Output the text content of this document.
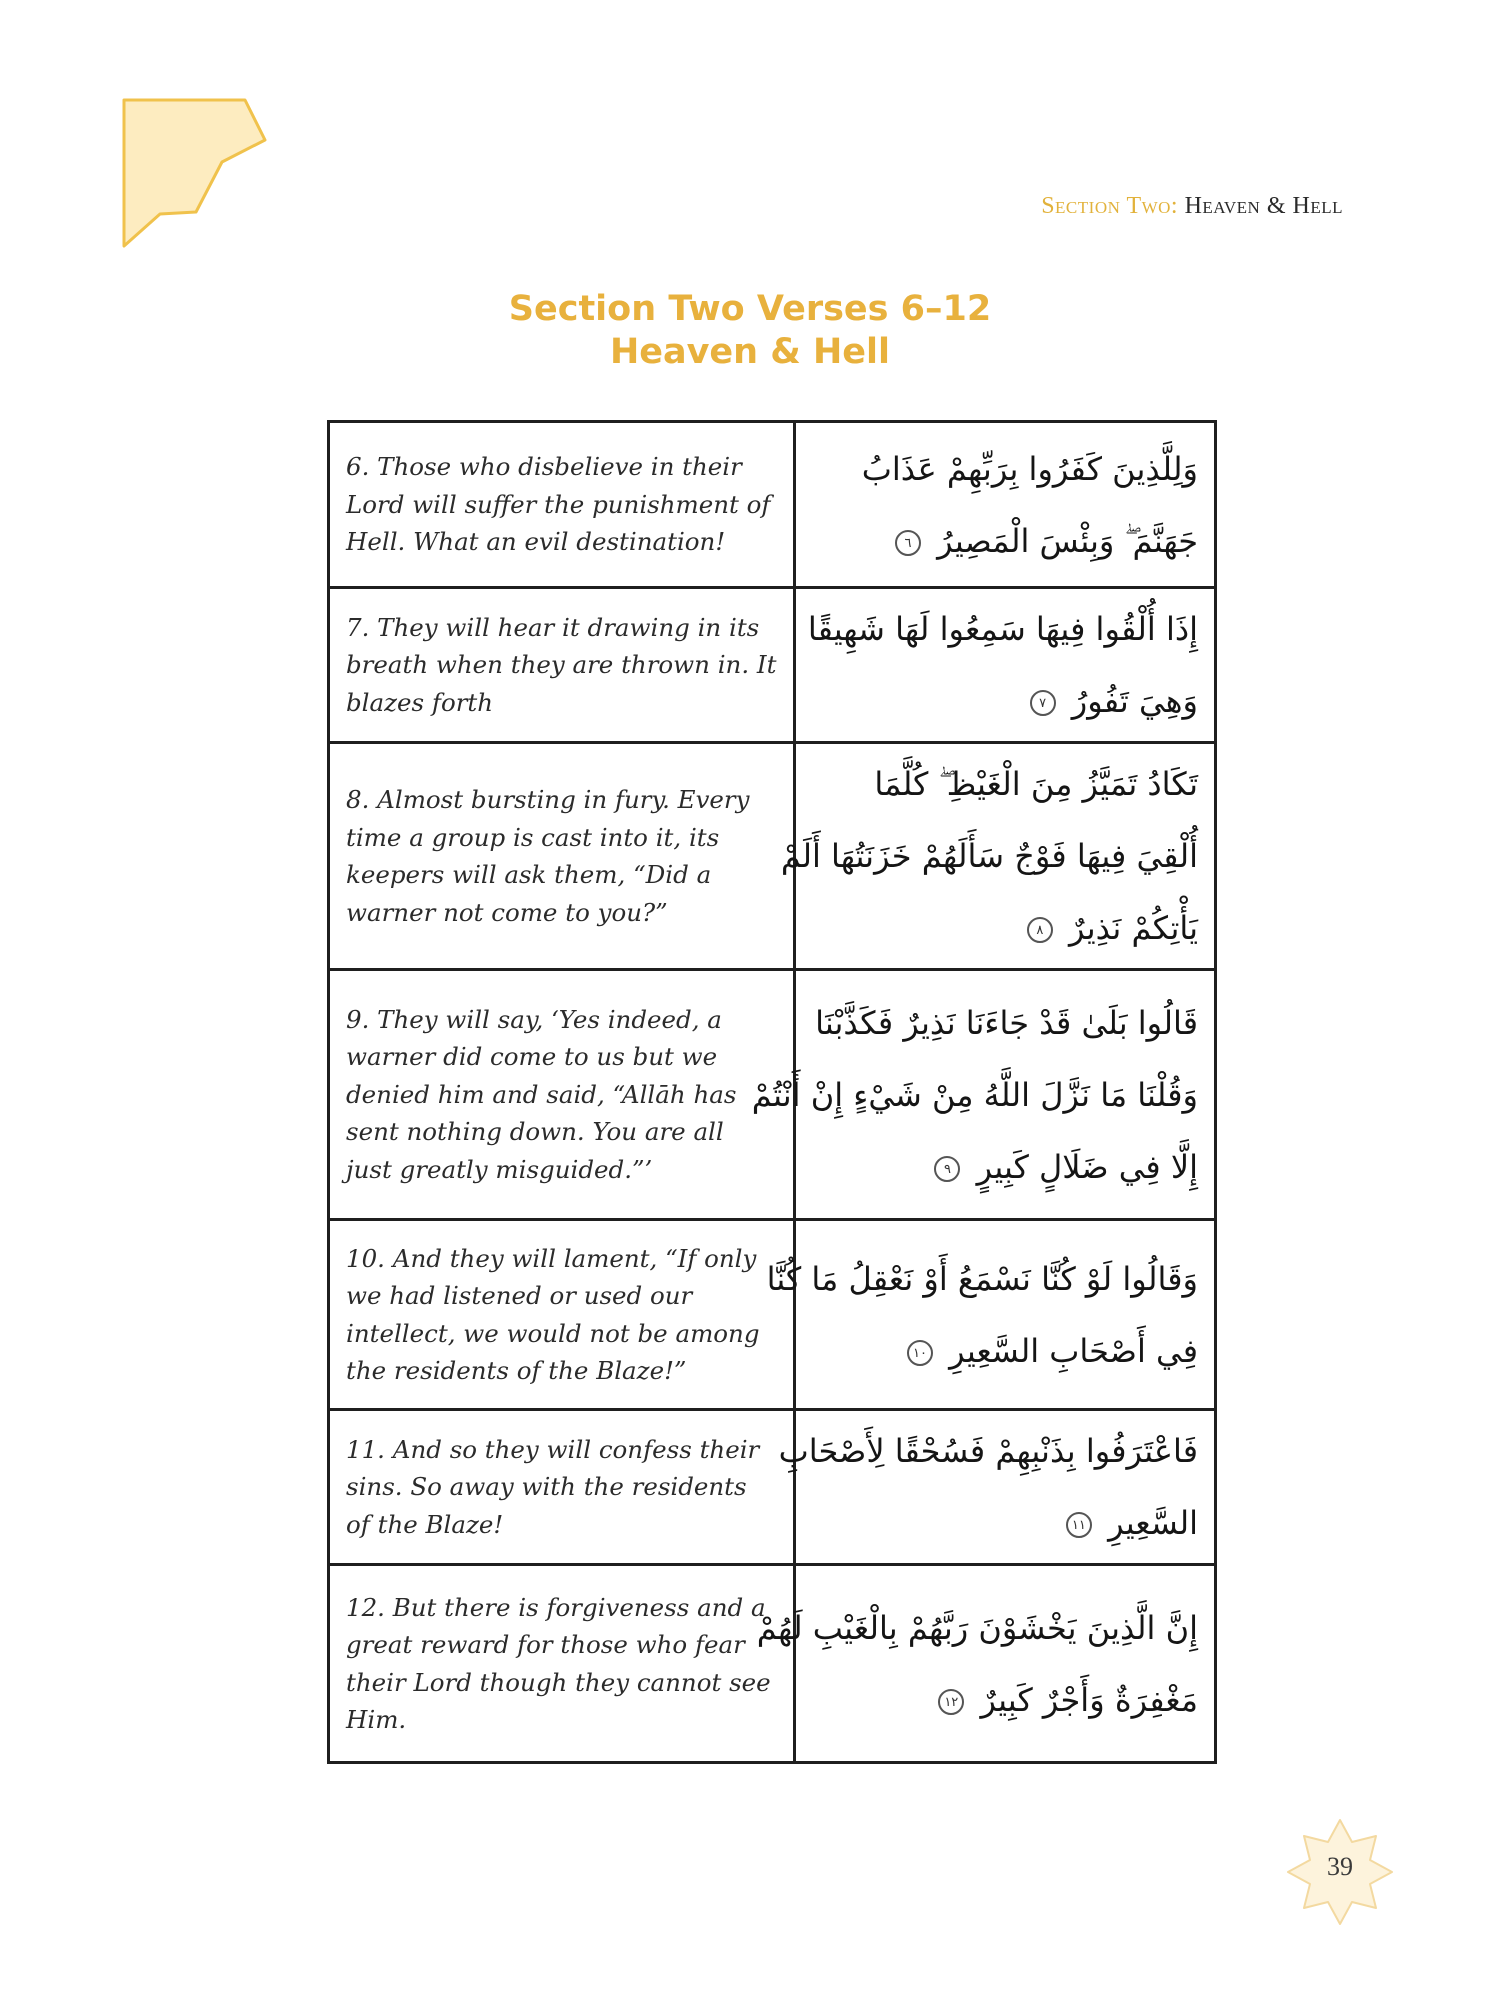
Section Two: Heaven & Hell
Section Two Verses 6–12
Heaven & Hell
6. Those who disbelieve in their Lord will suffer the punishment of Hell. What an evil destination!	وَلِلَّذِينَ كَفَرُوا بِرَبِّهِمْ عَذَابُ
جَهَنَّمَ ۖ وَبِئْسَ الْمَصِيرُ ٦

7. They will hear it drawing in its breath when they are thrown in. It blazes forth	إِذَا أُلْقُوا فِيهَا سَمِعُوا لَهَا شَهِيقًا
وَهِيَ تَفُورُ ٧

8. Almost bursting in fury. Every time a group is cast into it, its keepers will ask them, “Did a warner not come to you?”	تَكَادُ تَمَيَّزُ مِنَ الْغَيْظِ ۖ كُلَّمَا
أُلْقِيَ فِيهَا فَوْجٌ سَأَلَهُمْ خَزَنَتُهَا أَلَمْ
يَأْتِكُمْ نَذِيرٌ ٨

9. They will say, ‘Yes indeed, a warner did come to us but we denied him and said, “Allāh has sent nothing down. You are all just greatly misguided.”’	قَالُوا بَلَىٰ قَدْ جَاءَنَا نَذِيرٌ فَكَذَّبْنَا
وَقُلْنَا مَا نَزَّلَ اللَّهُ مِنْ شَيْءٍ إِنْ أَنْتُمْ
إِلَّا فِي ضَلَالٍ كَبِيرٍ ٩

10. And they will lament, “If only we had listened or used our intellect, we would not be among the residents of the Blaze!”	وَقَالُوا لَوْ كُنَّا نَسْمَعُ أَوْ نَعْقِلُ مَا كُنَّا
فِي أَصْحَابِ السَّعِيرِ ١٠

11. And so they will confess their sins. So away with the residents of the Blaze!	فَاعْتَرَفُوا بِذَنْبِهِمْ فَسُحْقًا لِأَصْحَابِ
السَّعِيرِ ١١

12. But there is forgiveness and a great reward for those who fear their Lord though they cannot see Him.	إِنَّ الَّذِينَ يَخْشَوْنَ رَبَّهُمْ بِالْغَيْبِ لَهُمْ
مَغْفِرَةٌ وَأَجْرٌ كَبِيرٌ ١٢
39
